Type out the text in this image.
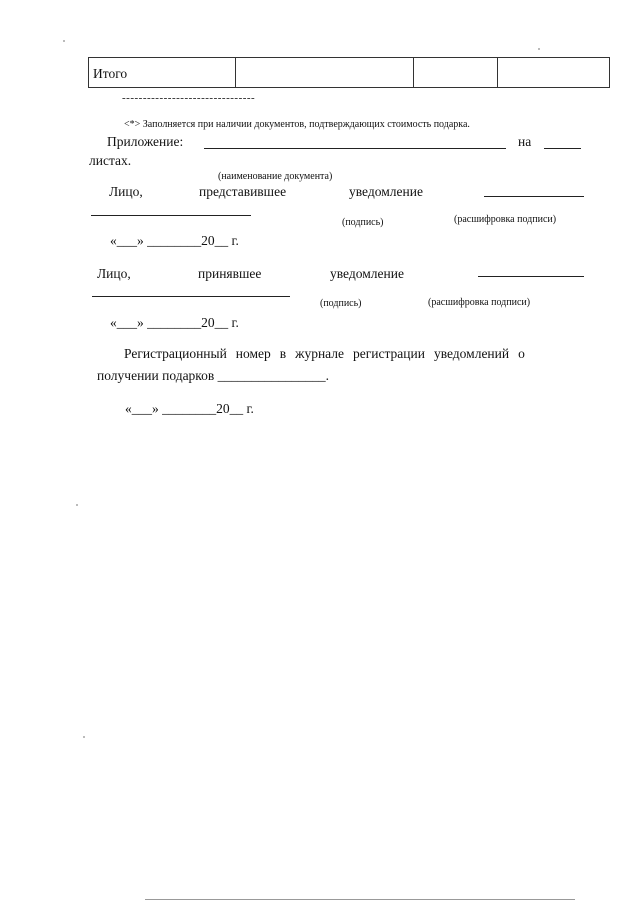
Итого
--------------------------------
<*> Заполняется при наличии документов, подтверждающих стоимость подарка.
Приложение:	на
листах.
(наименование документа)
Лицо,	представившее	уведомление
(подпись)	(расшифровка подписи)
«___» ________20__ г.
Лицо,	принявшее	уведомление
(подпись)	(расшифровка подписи)
«___» ________20__ г.
Регистрационный номер в журнале регистрации уведомлений о
получении подарков ________________.
«___» ________20__ г.
